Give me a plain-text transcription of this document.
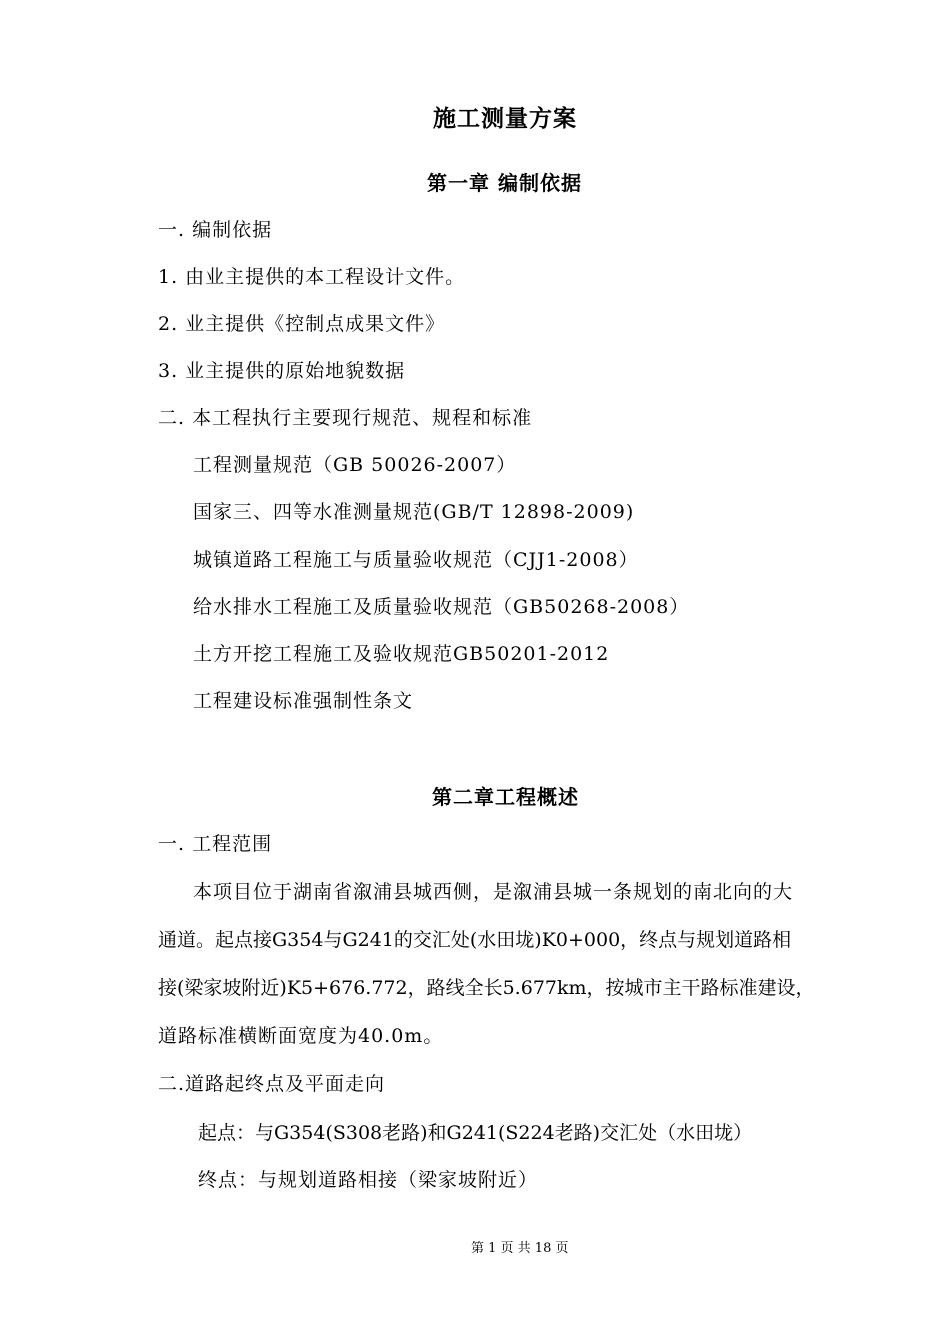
施工测量方案
第一章 编制依据
一. 编制依据
1. 由业主提供的本工程设计文件。
2. 业主提供《控制点成果文件》
3. 业主提供的原始地貌数据
二. 本工程执行主要现行规范、规程和标准
工程测量规范（GB 50026-2007）
国家三、四等水准测量规范(GB/T 12898-2009)
城镇道路工程施工与质量验收规范（CJJ1-2008）
给水排水工程施工及质量验收规范（GB50268-2008）
土方开挖工程施工及验收规范GB50201-2012
工程建设标准强制性条文
第二章工程概述
一. 工程范围
本项目位于湖南省溆浦县城西侧，是溆浦县城一条规划的南北向的大
通道。起点接G354与G241的交汇处(水田垅)K0+000，终点与规划道路相
接(梁家坡附近)K5+676.772，路线全长5.677km，按城市主干路标准建设，
道路标准横断面宽度为40.0m。
二.道路起终点及平面走向
起点：与G354(S308老路)和G241(S224老路)交汇处（水田垅）
终点：与规划道路相接（梁家坡附近）
第 1 页 共 18 页
